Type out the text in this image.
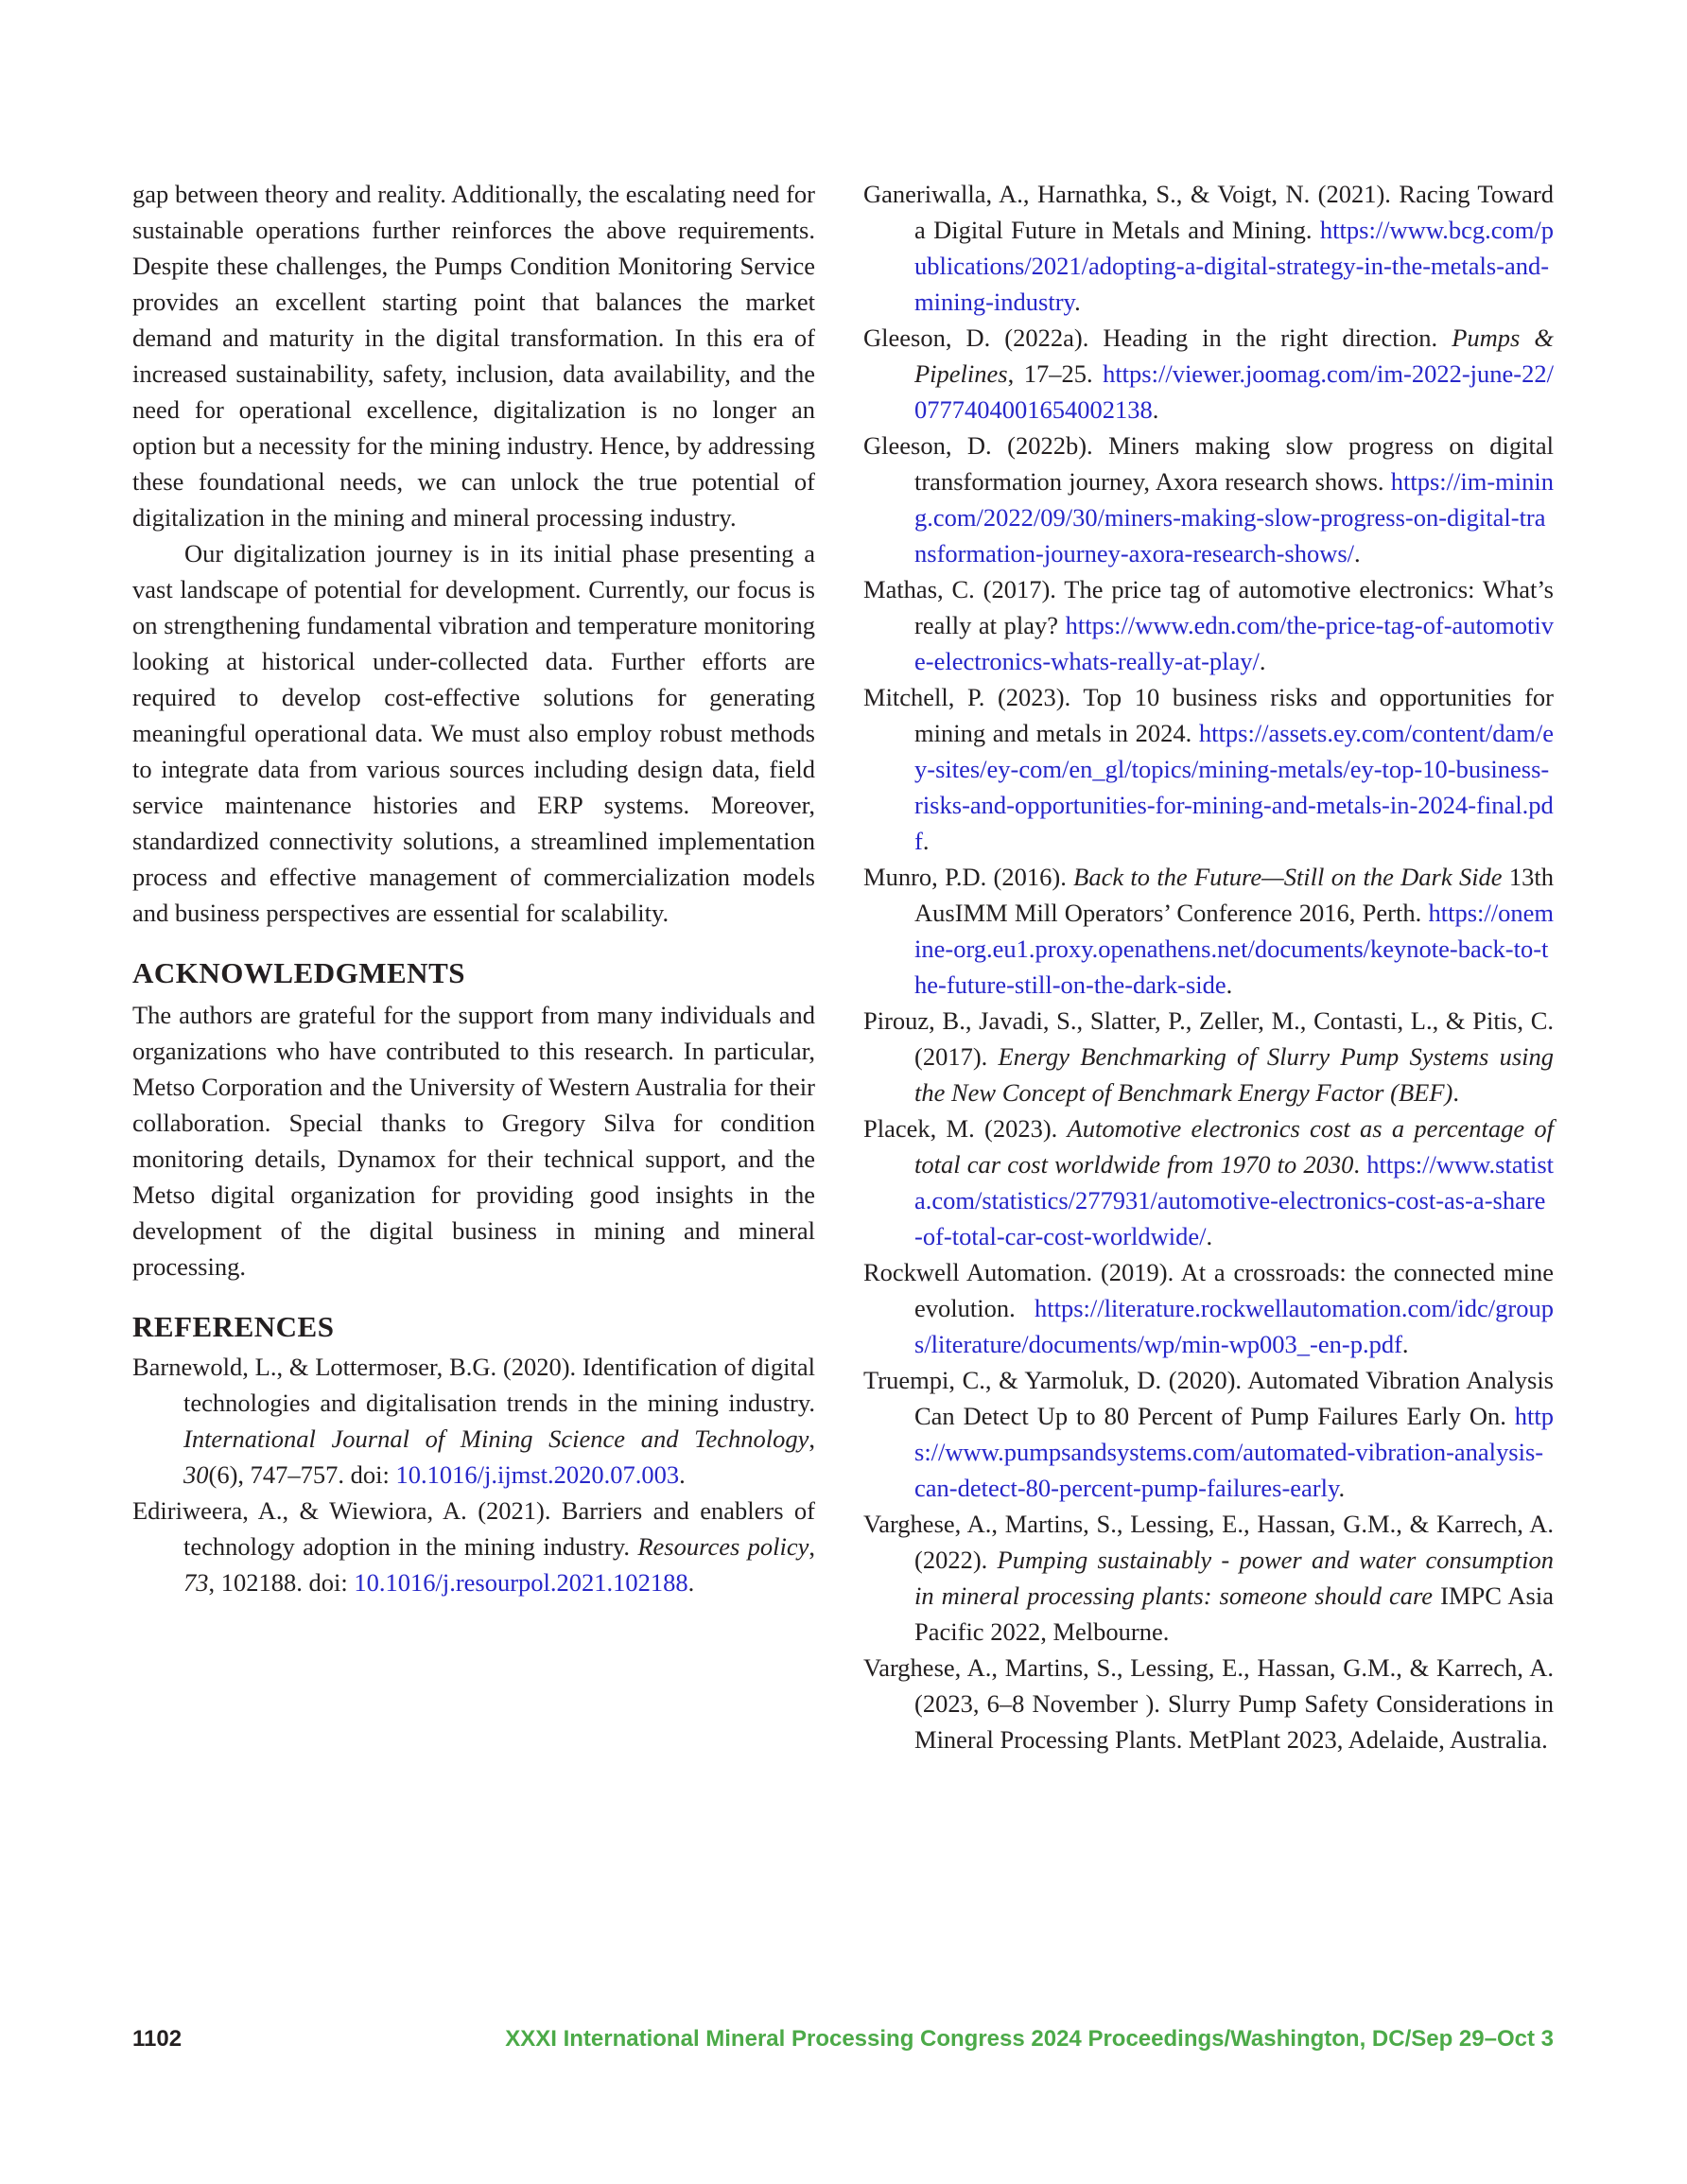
gap between theory and reality. Additionally, the escalating need for sustainable operations further reinforces the above requirements. Despite these challenges, the Pumps Condition Monitoring Service provides an excellent starting point that balances the market demand and maturity in the digital transformation. In this era of increased sustainability, safety, inclusion, data availability, and the need for operational excellence, digitalization is no longer an option but a necessity for the mining industry. Hence, by addressing these foundational needs, we can unlock the true potential of digitalization in the mining and mineral processing industry.

Our digitalization journey is in its initial phase presenting a vast landscape of potential for development. Currently, our focus is on strengthening fundamental vibration and temperature monitoring looking at historical under-collected data. Further efforts are required to develop cost-effective solutions for generating meaningful operational data. We must also employ robust methods to integrate data from various sources including design data, field service maintenance histories and ERP systems. Moreover, standardized connectivity solutions, a streamlined implementation process and effective management of commercialization models and business perspectives are essential for scalability.

ACKNOWLEDGMENTS

The authors are grateful for the support from many individuals and organizations who have contributed to this research. In particular, Metso Corporation and the University of Western Australia for their collaboration. Special thanks to Gregory Silva for condition monitoring details, Dynamox for their technical support, and the Metso digital organization for providing good insights in the development of the digital business in mining and mineral processing.

REFERENCES

Barnewold, L., & Lottermoser, B.G. (2020). Identification of digital technologies and digitalisation trends in the mining industry. International Journal of Mining Science and Technology, 30(6), 747–757. doi: 10.1016/j.ijmst.2020.07.003.

Ediriweera, A., & Wiewiora, A. (2021). Barriers and enablers of technology adoption in the mining industry. Resources policy, 73, 102188. doi: 10.1016/j.resourpol.2021.102188.

Ganeriwalla, A., Harnathka, S., & Voigt, N. (2021). Racing Toward a Digital Future in Metals and Mining. https://www.bcg.com/publications/2021/adopting-a-digital-strategy-in-the-metals-and-mining-industry.

Gleeson, D. (2022a). Heading in the right direction. Pumps & Pipelines, 17–25. https://viewer.joomag.com/im-2022-june-22/0777404001654002138.

Gleeson, D. (2022b). Miners making slow progress on digital transformation journey, Axora research shows. https://im-mining.com/2022/09/30/miners-making-slow-progress-on-digital-transformation-journey-axora-research-shows/.

Mathas, C. (2017). The price tag of automotive electronics: What’s really at play? https://www.edn.com/the-price-tag-of-automotive-electronics-whats-really-at-play/.

Mitchell, P. (2023). Top 10 business risks and opportunities for mining and metals in 2024. https://assets.ey.com/content/dam/ey-sites/ey-com/en_gl/topics/mining-metals/ey-top-10-business-risks-and-opportunities-for-mining-and-metals-in-2024-final.pdf.

Munro, P.D. (2016). Back to the Future—Still on the Dark Side 13th AusIMM Mill Operators’ Conference 2016, Perth. https://onemine-org.eu1.proxy.openathens.net/documents/keynote-back-to-the-future-still-on-the-dark-side.

Pirouz, B., Javadi, S., Slatter, P., Zeller, M., Contasti, L., & Pitis, C. (2017). Energy Benchmarking of Slurry Pump Systems using the New Concept of Benchmark Energy Factor (BEF).

Placek, M. (2023). Automotive electronics cost as a percentage of total car cost worldwide from 1970 to 2030. https://www.statista.com/statistics/277931/automotive-electronics-cost-as-a-share-of-total-car-cost-worldwide/.

Rockwell Automation. (2019). At a crossroads: the connected mine evolution. https://literature.rockwellautomation.com/idc/groups/literature/documents/wp/min-wp003_-en-p.pdf.

Truempi, C., & Yarmoluk, D. (2020). Automated Vibration Analysis Can Detect Up to 80 Percent of Pump Failures Early On. https://www.pumpsandsystems.com/automated-vibration-analysis-can-detect-80-percent-pump-failures-early.

Varghese, A., Martins, S., Lessing, E., Hassan, G.M., & Karrech, A. (2022). Pumping sustainably - power and water consumption in mineral processing plants: someone should care IMPC Asia Pacific 2022, Melbourne.

Varghese, A., Martins, S., Lessing, E., Hassan, G.M., & Karrech, A. (2023, 6–8 November ). Slurry Pump Safety Considerations in Mineral Processing Plants. MetPlant 2023, Adelaide, Australia.

1102	XXXI International Mineral Processing Congress 2024 Proceedings/Washington, DC/Sep 29–Oct 3
